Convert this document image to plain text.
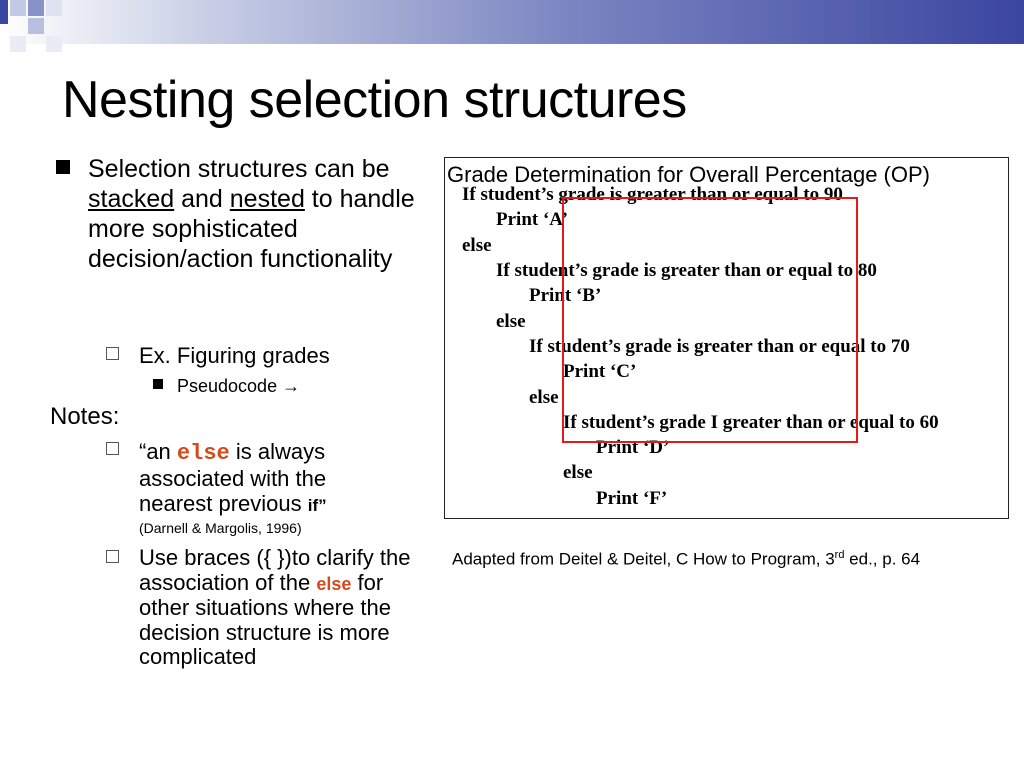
Nesting selection structures
Selection structures can be stacked and nested to handle more sophisticated decision/action functionality
Ex. Figuring grades
Pseudocode →
Notes:
“an else is always associated with the nearest previous if”
(Darnell & Margolis, 1996)
Use braces ({ })to clarify the association of the else for other situations where the decision structure is more complicated
Grade Determination for Overall Percentage (OP)
If student’s grade is greater than or equal to 90
Print ‘A’
else
If student’s grade is greater than or equal to 80
Print ‘B’
else
If student’s grade is greater than or equal to 70
Print ‘C’
else
If student’s grade I greater than or equal to 60
Print ‘D’
else
Print ‘F’
Adapted from Deitel & Deitel, C How to Program, 3rd ed., p. 64
